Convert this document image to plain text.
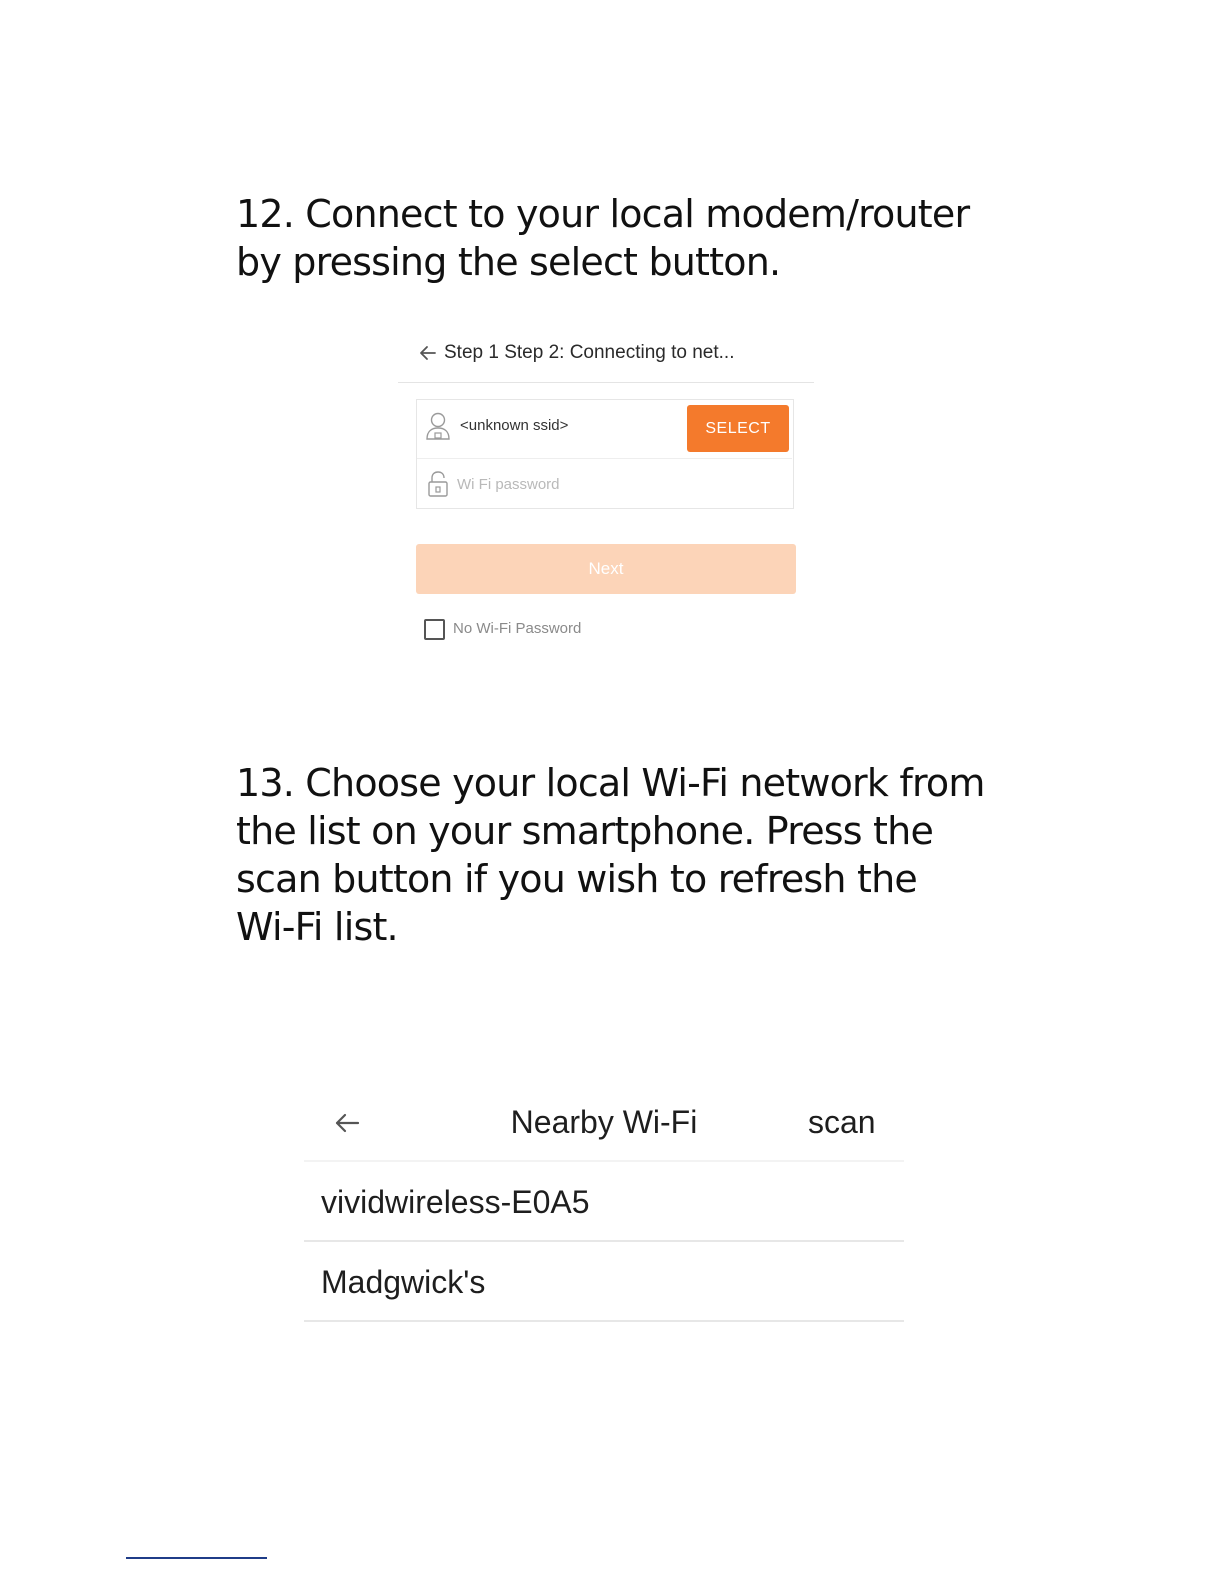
12. Connect to your local modem/router
by pressing the select button.

Step 1 Step 2: Connecting to net...
<unknown ssid>	SELECT
Next
No Wi-Fi Password

13. Choose your local Wi-Fi network from
the list on your smartphone. Press the
scan button if you wish to refresh the
Wi-Fi list.

Nearby Wi-Fi	scan
vividwireless-E0A5
Madgwick's
